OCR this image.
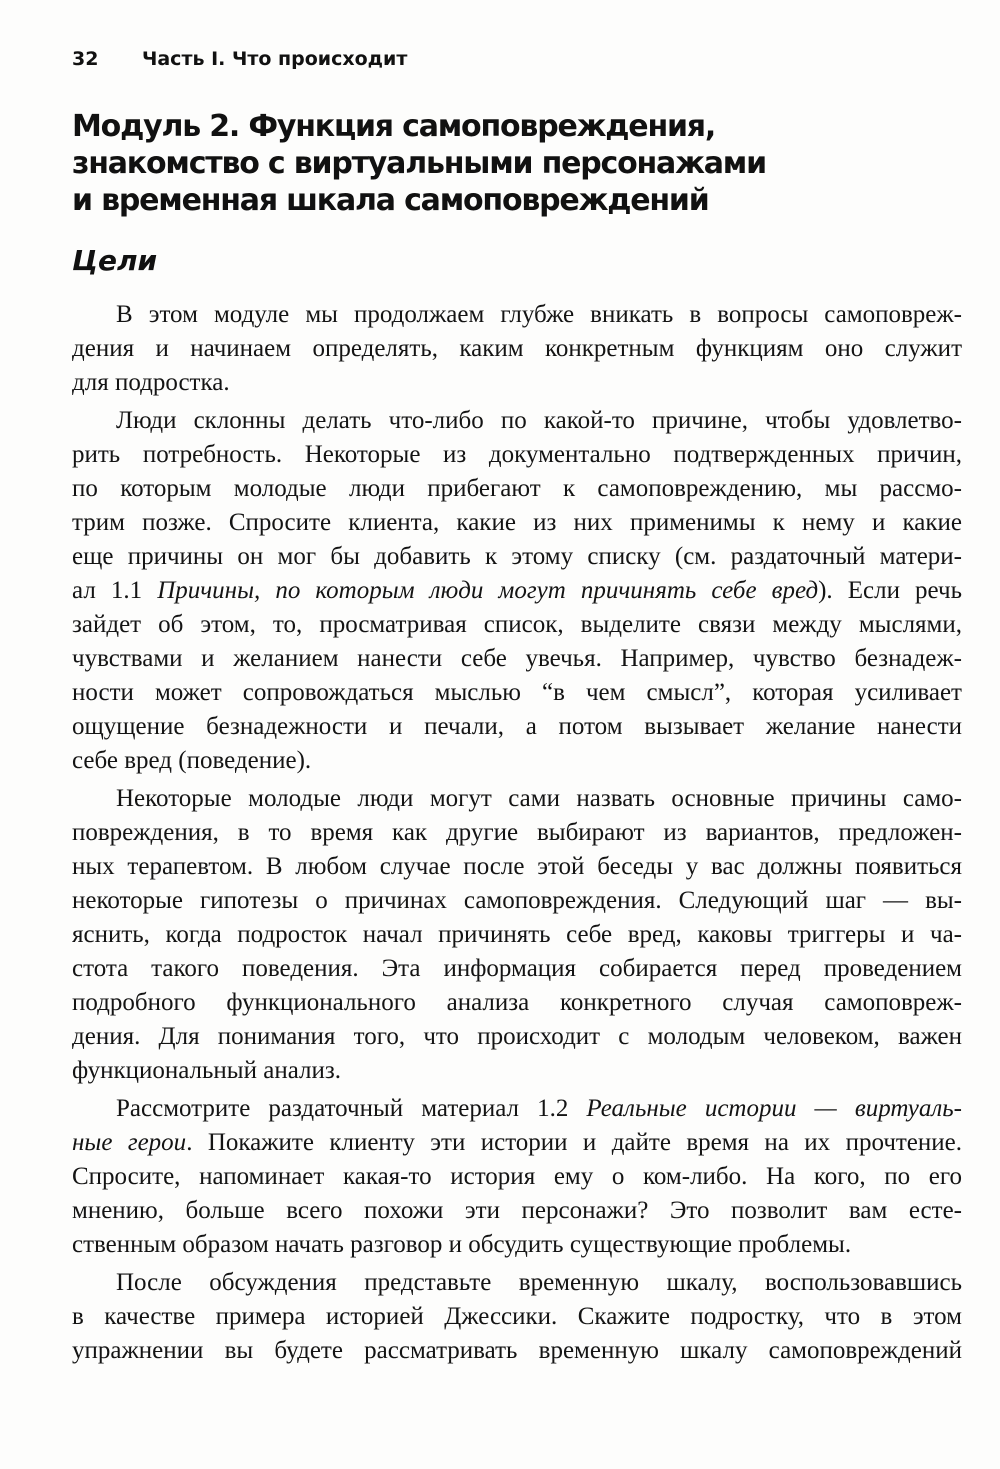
32 Часть I. Что происходит
Модуль 2. Функция самоповреждения,
знакомство с виртуальными персонажами
и временная шкала самоповреждений
Цели

В этом модуле мы продолжаем глубже вникать в вопросы самоповреж-
дения и начинаем определять, каким конкретным функциям оно служит
для подростка.

Люди склонны делать что-либо по какой-то причине, чтобы удовлетво-
рить потребность. Некоторые из документально подтвержденных причин,
по которым молодые люди прибегают к самоповреждению, мы рассмо-
трим позже. Спросите клиента, какие из них применимы к нему и какие
еще причины он мог бы добавить к этому списку (см. раздаточный матери-
ал 1.1 Причины, по которым люди могут причинять себе вред). Если речь
зайдет об этом, то, просматривая список, выделите связи между мыслями,
чувствами и желанием нанести себе увечья. Например, чувство безнадеж-
ности может сопровождаться мыслью “в чем смысл”, которая усиливает
ощущение безнадежности и печали, а потом вызывает желание нанести
себе вред (поведение).

Некоторые молодые люди могут сами назвать основные причины само-
повреждения, в то время как другие выбирают из вариантов, предложен-
ных терапевтом. В любом случае после этой беседы у вас должны появиться
некоторые гипотезы о причинах самоповреждения. Следующий шаг — вы-
яснить, когда подросток начал причинять себе вред, каковы триггеры и ча-
стота такого поведения. Эта информация собирается перед проведением
подробного функционального анализа конкретного случая самоповреж-
дения. Для понимания того, что происходит с молодым человеком, важен
функциональный анализ.

Рассмотрите раздаточный материал 1.2 Реальные истории — виртуаль-
ные герои. Покажите клиенту эти истории и дайте время на их прочтение.
Спросите, напоминает какая-то история ему о ком-либо. На кого, по его
мнению, больше всего похожи эти персонажи? Это позволит вам есте-
ственным образом начать разговор и обсудить существующие проблемы.

После обсуждения представьте временную шкалу, воспользовавшись
в качестве примера историей Джессики. Скажите подростку, что в этом
упражнении вы будете рассматривать временную шкалу самоповреждений
